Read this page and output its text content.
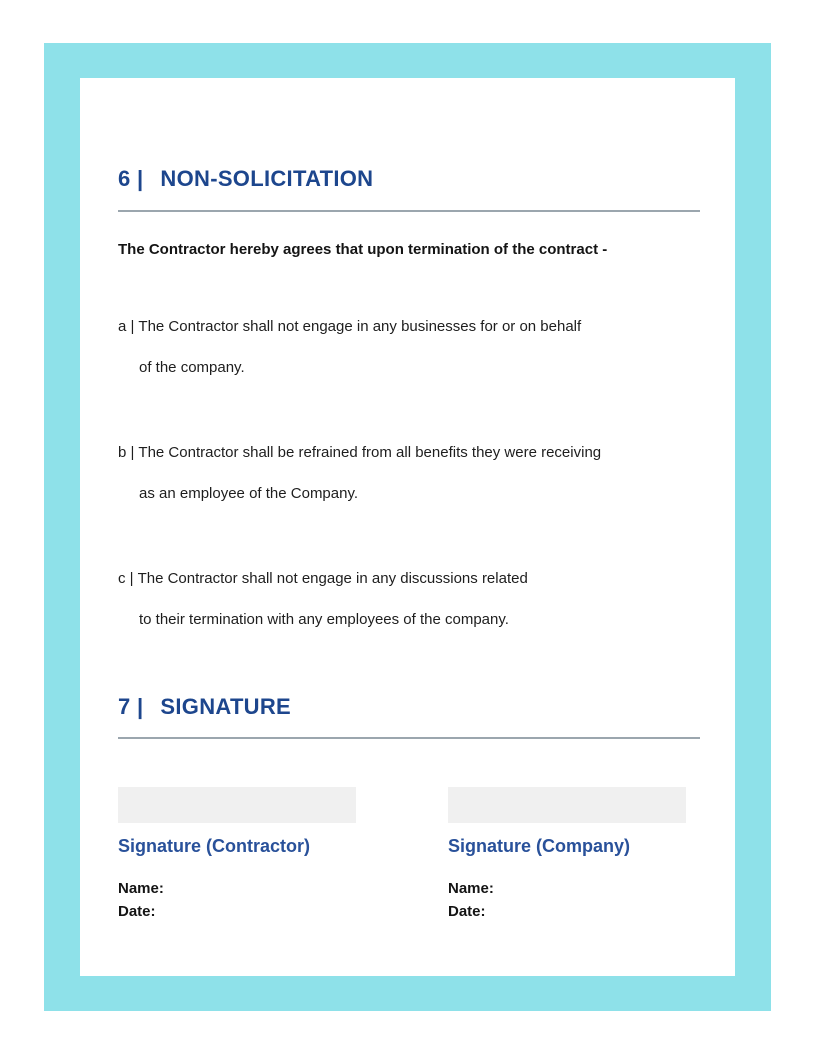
6 | NON-SOLICITATION

The Contractor hereby agrees that upon termination of the contract -

a | The Contractor shall not engage in any businesses for or on behalf
of the company.
b | The Contractor shall be refrained from all benefits they were receiving
as an employee of the Company.
c | The Contractor shall not engage in any discussions related
to their termination with any employees of the company.
7 | SIGNATURE
Signature (Contractor)
Name:
Date:
Signature (Company)
Name:
Date:
